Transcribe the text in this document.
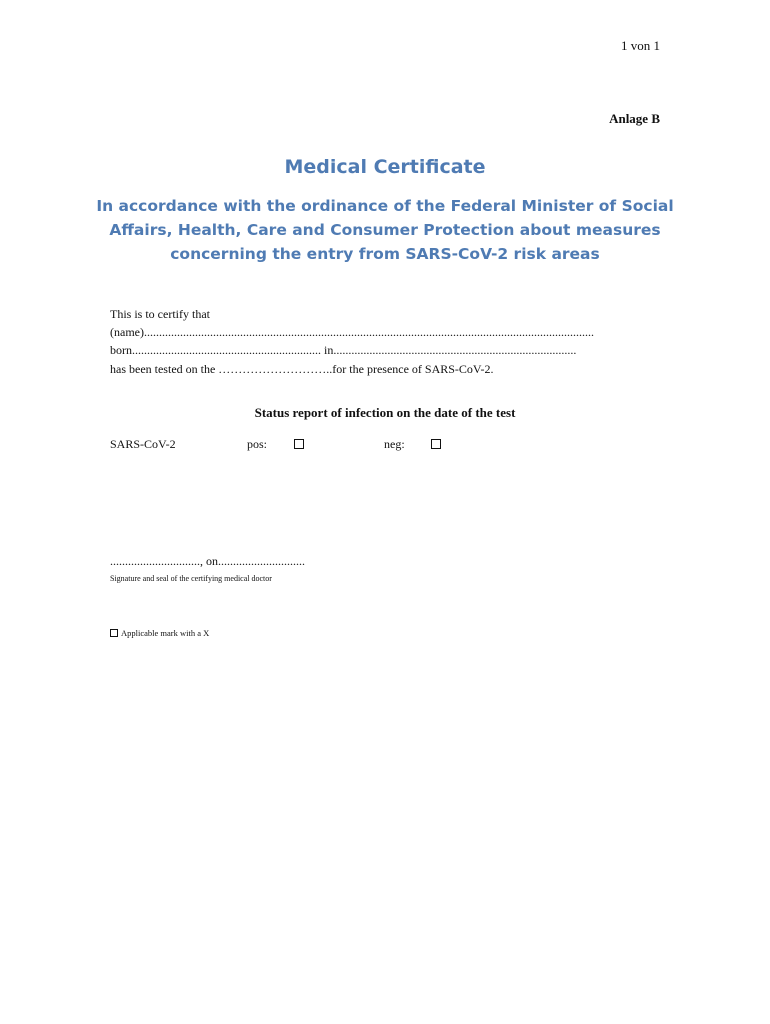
1 von 1
Anlage B
Medical Certificate
In accordance with the ordinance of the Federal Minister of Social Affairs, Health, Care and Consumer Protection about measures concerning the entry from SARS-CoV-2 risk areas
This is to certify that
(name)......................................................................................................................................................
born............................................................... in.................................................................................
has been tested on the ………………………..for the presence of SARS-CoV-2.
Status report of infection on the date of the test
SARS-CoV-2	pos:	neg:
.............................., on.............................
Signature and seal of the certifying medical doctor
Applicable mark with a X
